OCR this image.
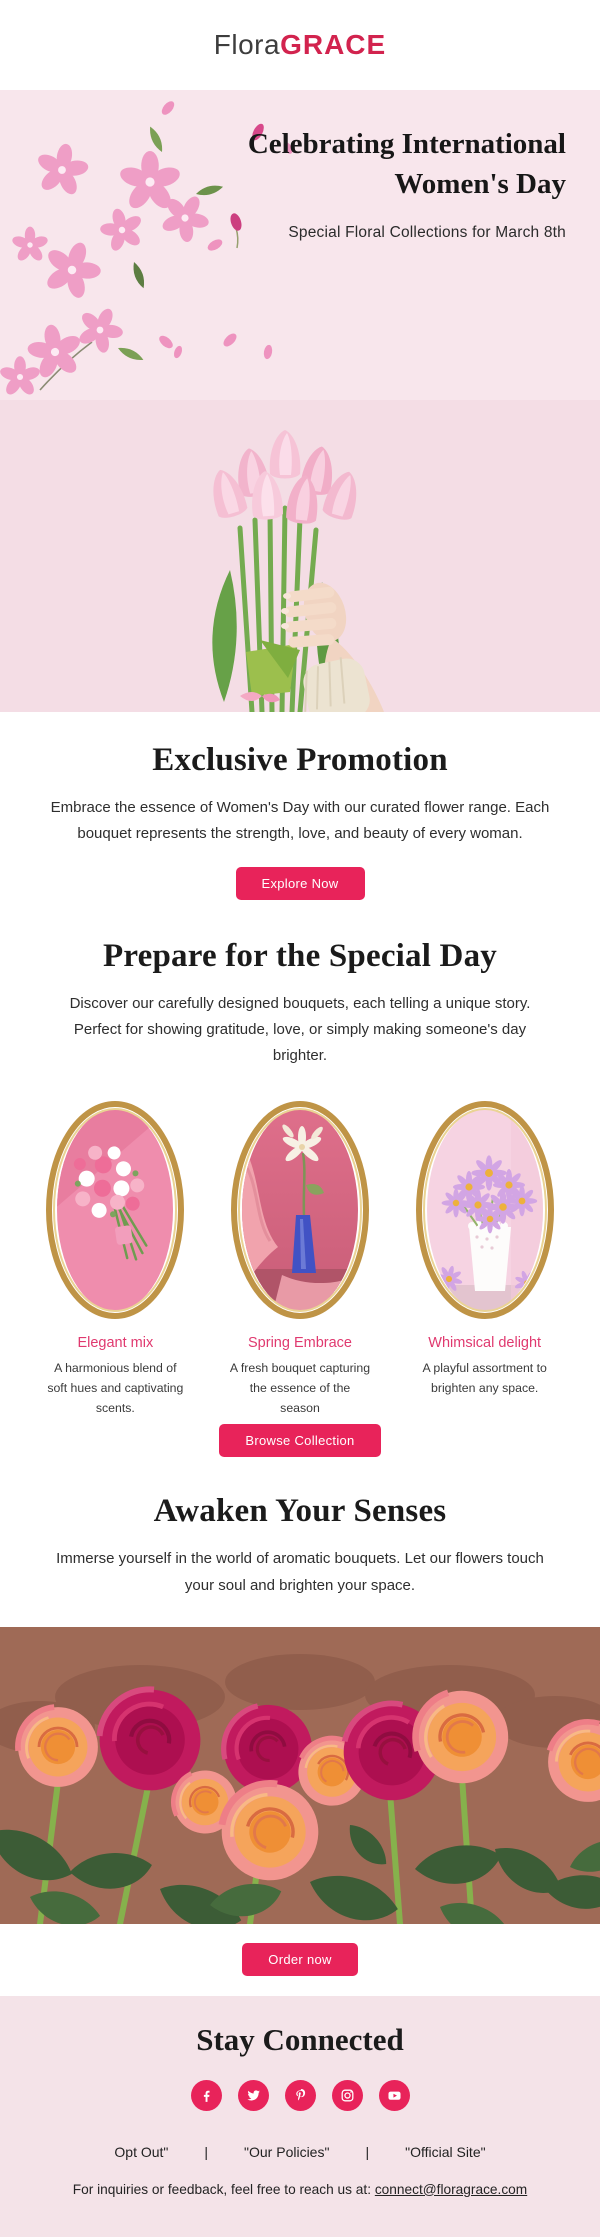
FloraGRACE
Celebrating International
Women's Day
Special Floral Collections for March 8th
Exclusive Promotion

Embrace the essence of Women's Day with our curated flower range. Each bouquet represents the strength, love, and beauty of every woman.

Explore Now
Prepare for the Special Day

Discover our carefully designed bouquets, each telling a unique story. Perfect for showing gratitude, love, or simply making someone's day brighter.

Elegant mix
A harmonious blend of soft hues and captivating scents.
Spring Embrace
A fresh bouquet capturing the essence of the season
Whimsical delight
A playful assortment to brighten any space.
Browse Collection
Awaken Your Senses

Immerse yourself in the world of aromatic bouquets. Let our flowers touch your soul and brighten your space.

Order now
Stay Connected
Opt Out"	|	"Our Policies"	|	"Official Site"
For inquiries or feedback, feel free to reach us at: connect@floragrace.com
